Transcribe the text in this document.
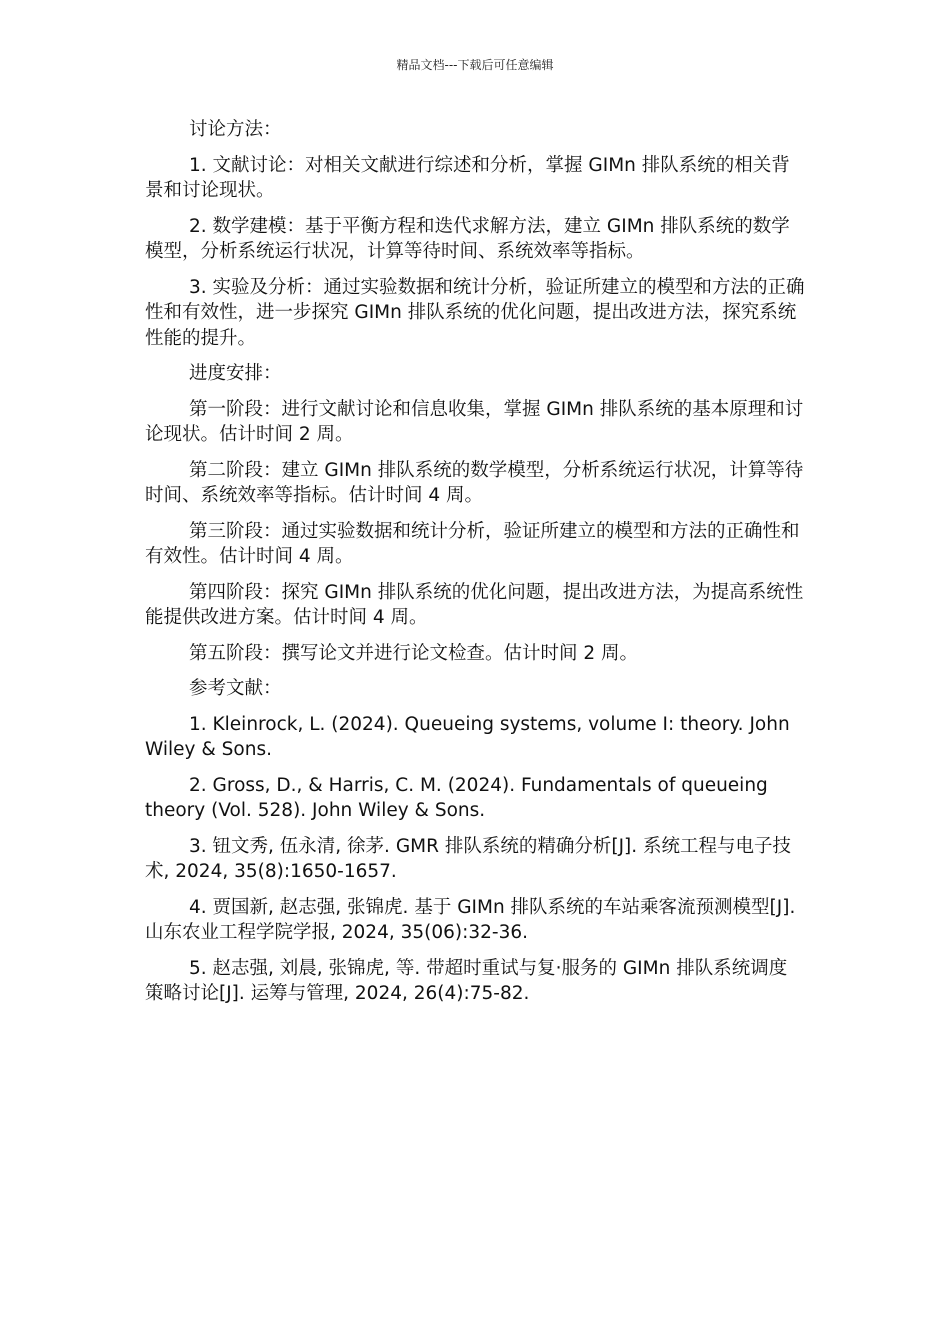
精品文档---下载后可任意编辑

讨论方法：

1. 文献讨论：对相关文献进行综述和分析，掌握 GIMn 排队系统的相关背景和讨论现状。

2. 数学建模：基于平衡方程和迭代求解方法，建立 GIMn 排队系统的数学模型，分析系统运行状况，计算等待时间、系统效率等指标。

3. 实验及分析：通过实验数据和统计分析，验证所建立的模型和方法的正确性和有效性，进一步探究 GIMn 排队系统的优化问题，提出改进方法，探究系统性能的提升。

进度安排：

第一阶段：进行文献讨论和信息收集，掌握 GIMn 排队系统的基本原理和讨论现状。估计时间 2 周。

第二阶段：建立 GIMn 排队系统的数学模型，分析系统运行状况，计算等待时间、系统效率等指标。估计时间 4 周。

第三阶段：通过实验数据和统计分析，验证所建立的模型和方法的正确性和有效性。估计时间 4 周。

第四阶段：探究 GIMn 排队系统的优化问题，提出改进方法，为提高系统性能提供改进方案。估计时间 4 周。

第五阶段：撰写论文并进行论文检查。估计时间 2 周。

参考文献：

1. Kleinrock, L. (2024). Queueing systems, volume I: theory. John Wiley & Sons.

2. Gross, D., & Harris, C. M. (2024). Fundamentals of queueing theory (Vol. 528). John Wiley & Sons.

3. 钮文秀, 伍永清, 徐茅. GMR 排队系统的精确分析[J]. 系统工程与电子技术, 2024, 35(8):1650-1657.

4. 贾国新, 赵志强, 张锦虎. 基于 GIMn 排队系统的车站乘客流预测模型[J]. 山东农业工程学院学报, 2024, 35(06):32-36.

5. 赵志强, 刘晨, 张锦虎, 等. 带超时重试与复·服务的 GIMn 排队系统调度策略讨论[J]. 运筹与管理, 2024, 26(4):75-82.
